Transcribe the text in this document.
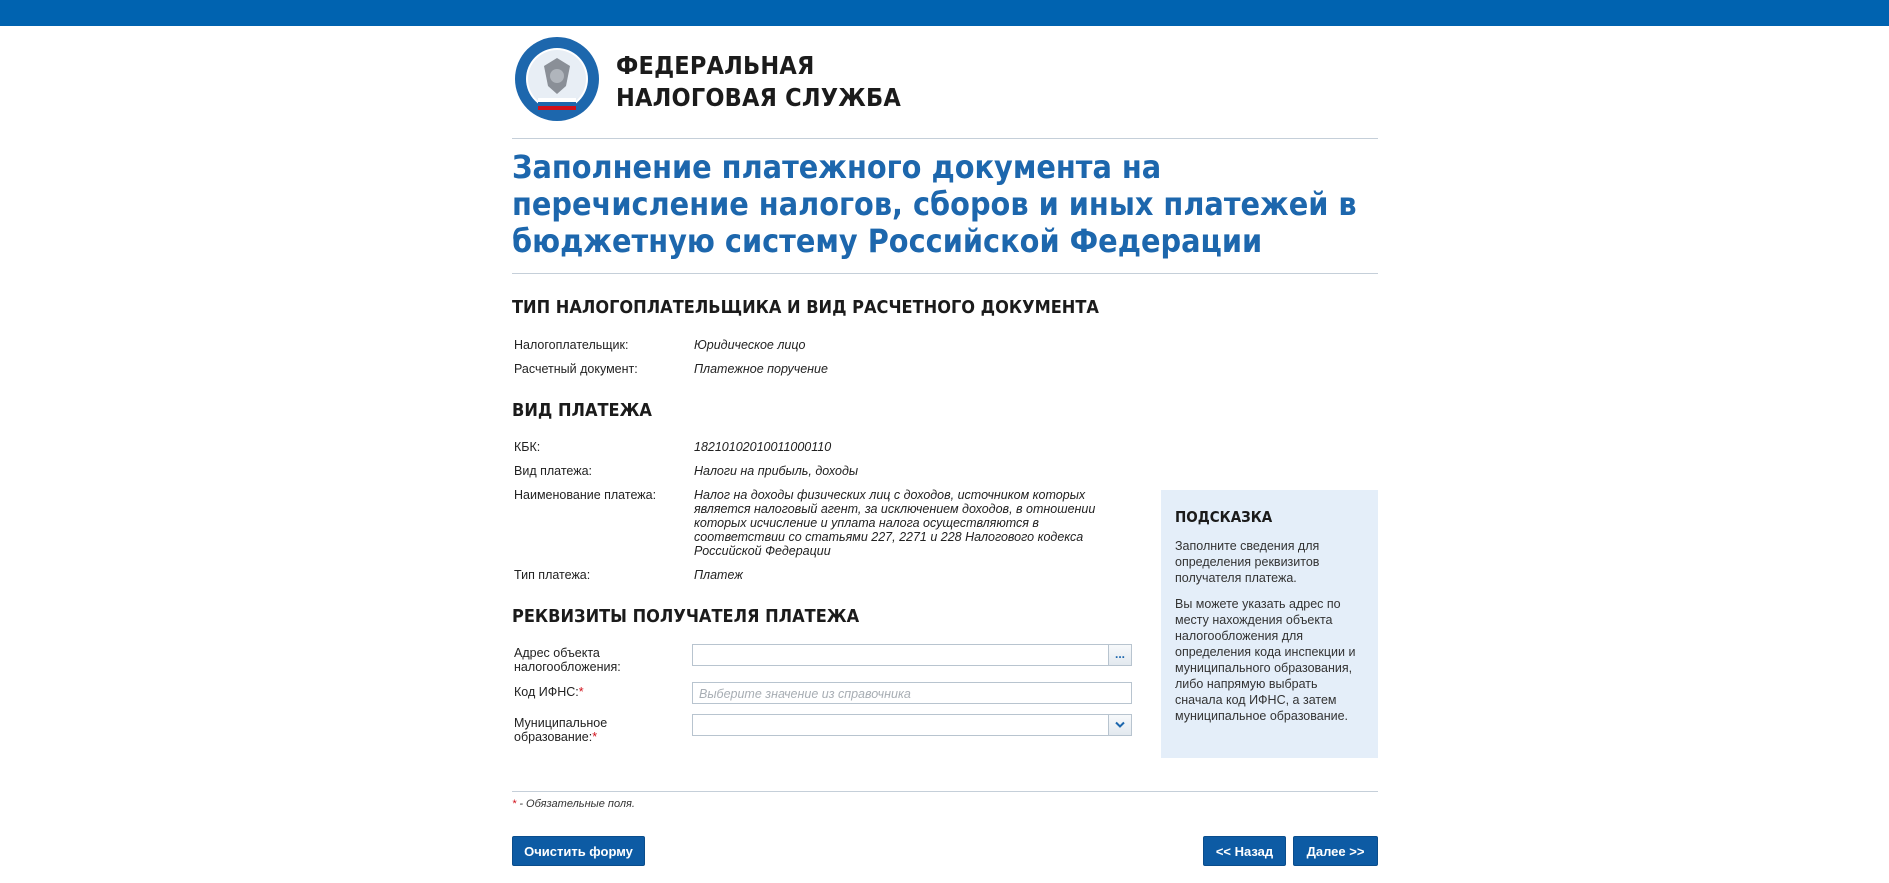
ФЕДЕРАЛЬНАЯ
НАЛОГОВАЯ СЛУЖБА
Заполнение платежного документа на перечисление налогов, сборов и иных платежей в бюджетную систему Российской Федерации
ТИП НАЛОГОПЛАТЕЛЬЩИКА И ВИД РАСЧЕТНОГО ДОКУМЕНТА
Налогоплательщик:	Юридическое лицо
Расчетный документ:	Платежное поручение
ВИД ПЛАТЕЖА
КБК:	18210102010011000110
Вид платежа:	Налоги на прибыль, доходы
Наименование платежа:	Налог на доходы физических лиц с доходов, источником которых является налоговый агент, за исключением доходов, в отношении которых исчисление и уплата налога осуществляются в соответствии со статьями 227, 2271 и 228 Налогового кодекса Российской Федерации
Тип платежа:	Платеж
РЕКВИЗИТЫ ПОЛУЧАТЕЛЯ ПЛАТЕЖА
Адрес объекта налогообложения:
...
Код ИФНС:*	Выберите значение из справочника
Муниципальное образование:*
ПОДСКАЗКА

Заполните сведения для определения реквизитов получателя платежа.

Вы можете указать адрес по месту нахождения объекта налогообложения для определения кода инспекции и муниципального образования, либо напрямую выбрать сначала код ИФНС, а затем муниципальное образование.

* - Обязательные поля.
Очистить форму	<< Назад	Далее >>
